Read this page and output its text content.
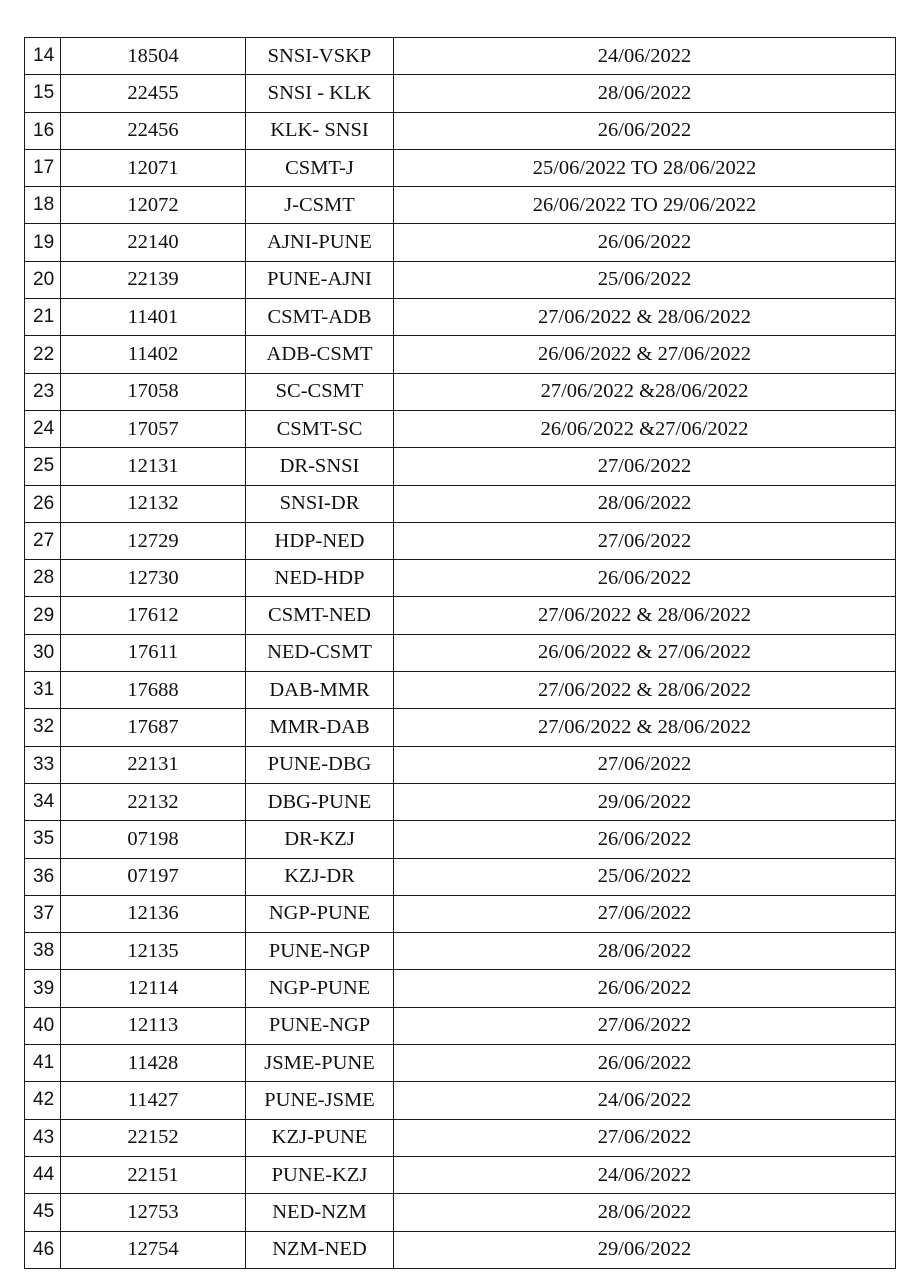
14	18504	SNSI-VSKP	24/06/2022
15	22455	SNSI - KLK	28/06/2022
16	22456	KLK- SNSI	26/06/2022
17	12071	CSMT-J	25/06/2022 TO 28/06/2022
18	12072	J-CSMT	26/06/2022 TO 29/06/2022
19	22140	AJNI-PUNE	26/06/2022
20	22139	PUNE-AJNI	25/06/2022
21	11401	CSMT-ADB	27/06/2022 & 28/06/2022
22	11402	ADB-CSMT	26/06/2022 & 27/06/2022
23	17058	SC-CSMT	27/06/2022 &28/06/2022
24	17057	CSMT-SC	26/06/2022 &27/06/2022
25	12131	DR-SNSI	27/06/2022
26	12132	SNSI-DR	28/06/2022
27	12729	HDP-NED	27/06/2022
28	12730	NED-HDP	26/06/2022
29	17612	CSMT-NED	27/06/2022 & 28/06/2022
30	17611	NED-CSMT	26/06/2022 & 27/06/2022
31	17688	DAB-MMR	27/06/2022 & 28/06/2022
32	17687	MMR-DAB	27/06/2022 & 28/06/2022
33	22131	PUNE-DBG	27/06/2022
34	22132	DBG-PUNE	29/06/2022
35	07198	DR-KZJ	26/06/2022
36	07197	KZJ-DR	25/06/2022
37	12136	NGP-PUNE	27/06/2022
38	12135	PUNE-NGP	28/06/2022
39	12114	NGP-PUNE	26/06/2022
40	12113	PUNE-NGP	27/06/2022
41	11428	JSME-PUNE	26/06/2022
42	11427	PUNE-JSME	24/06/2022
43	22152	KZJ-PUNE	27/06/2022
44	22151	PUNE-KZJ	24/06/2022
45	12753	NED-NZM	28/06/2022
46	12754	NZM-NED	29/06/2022
